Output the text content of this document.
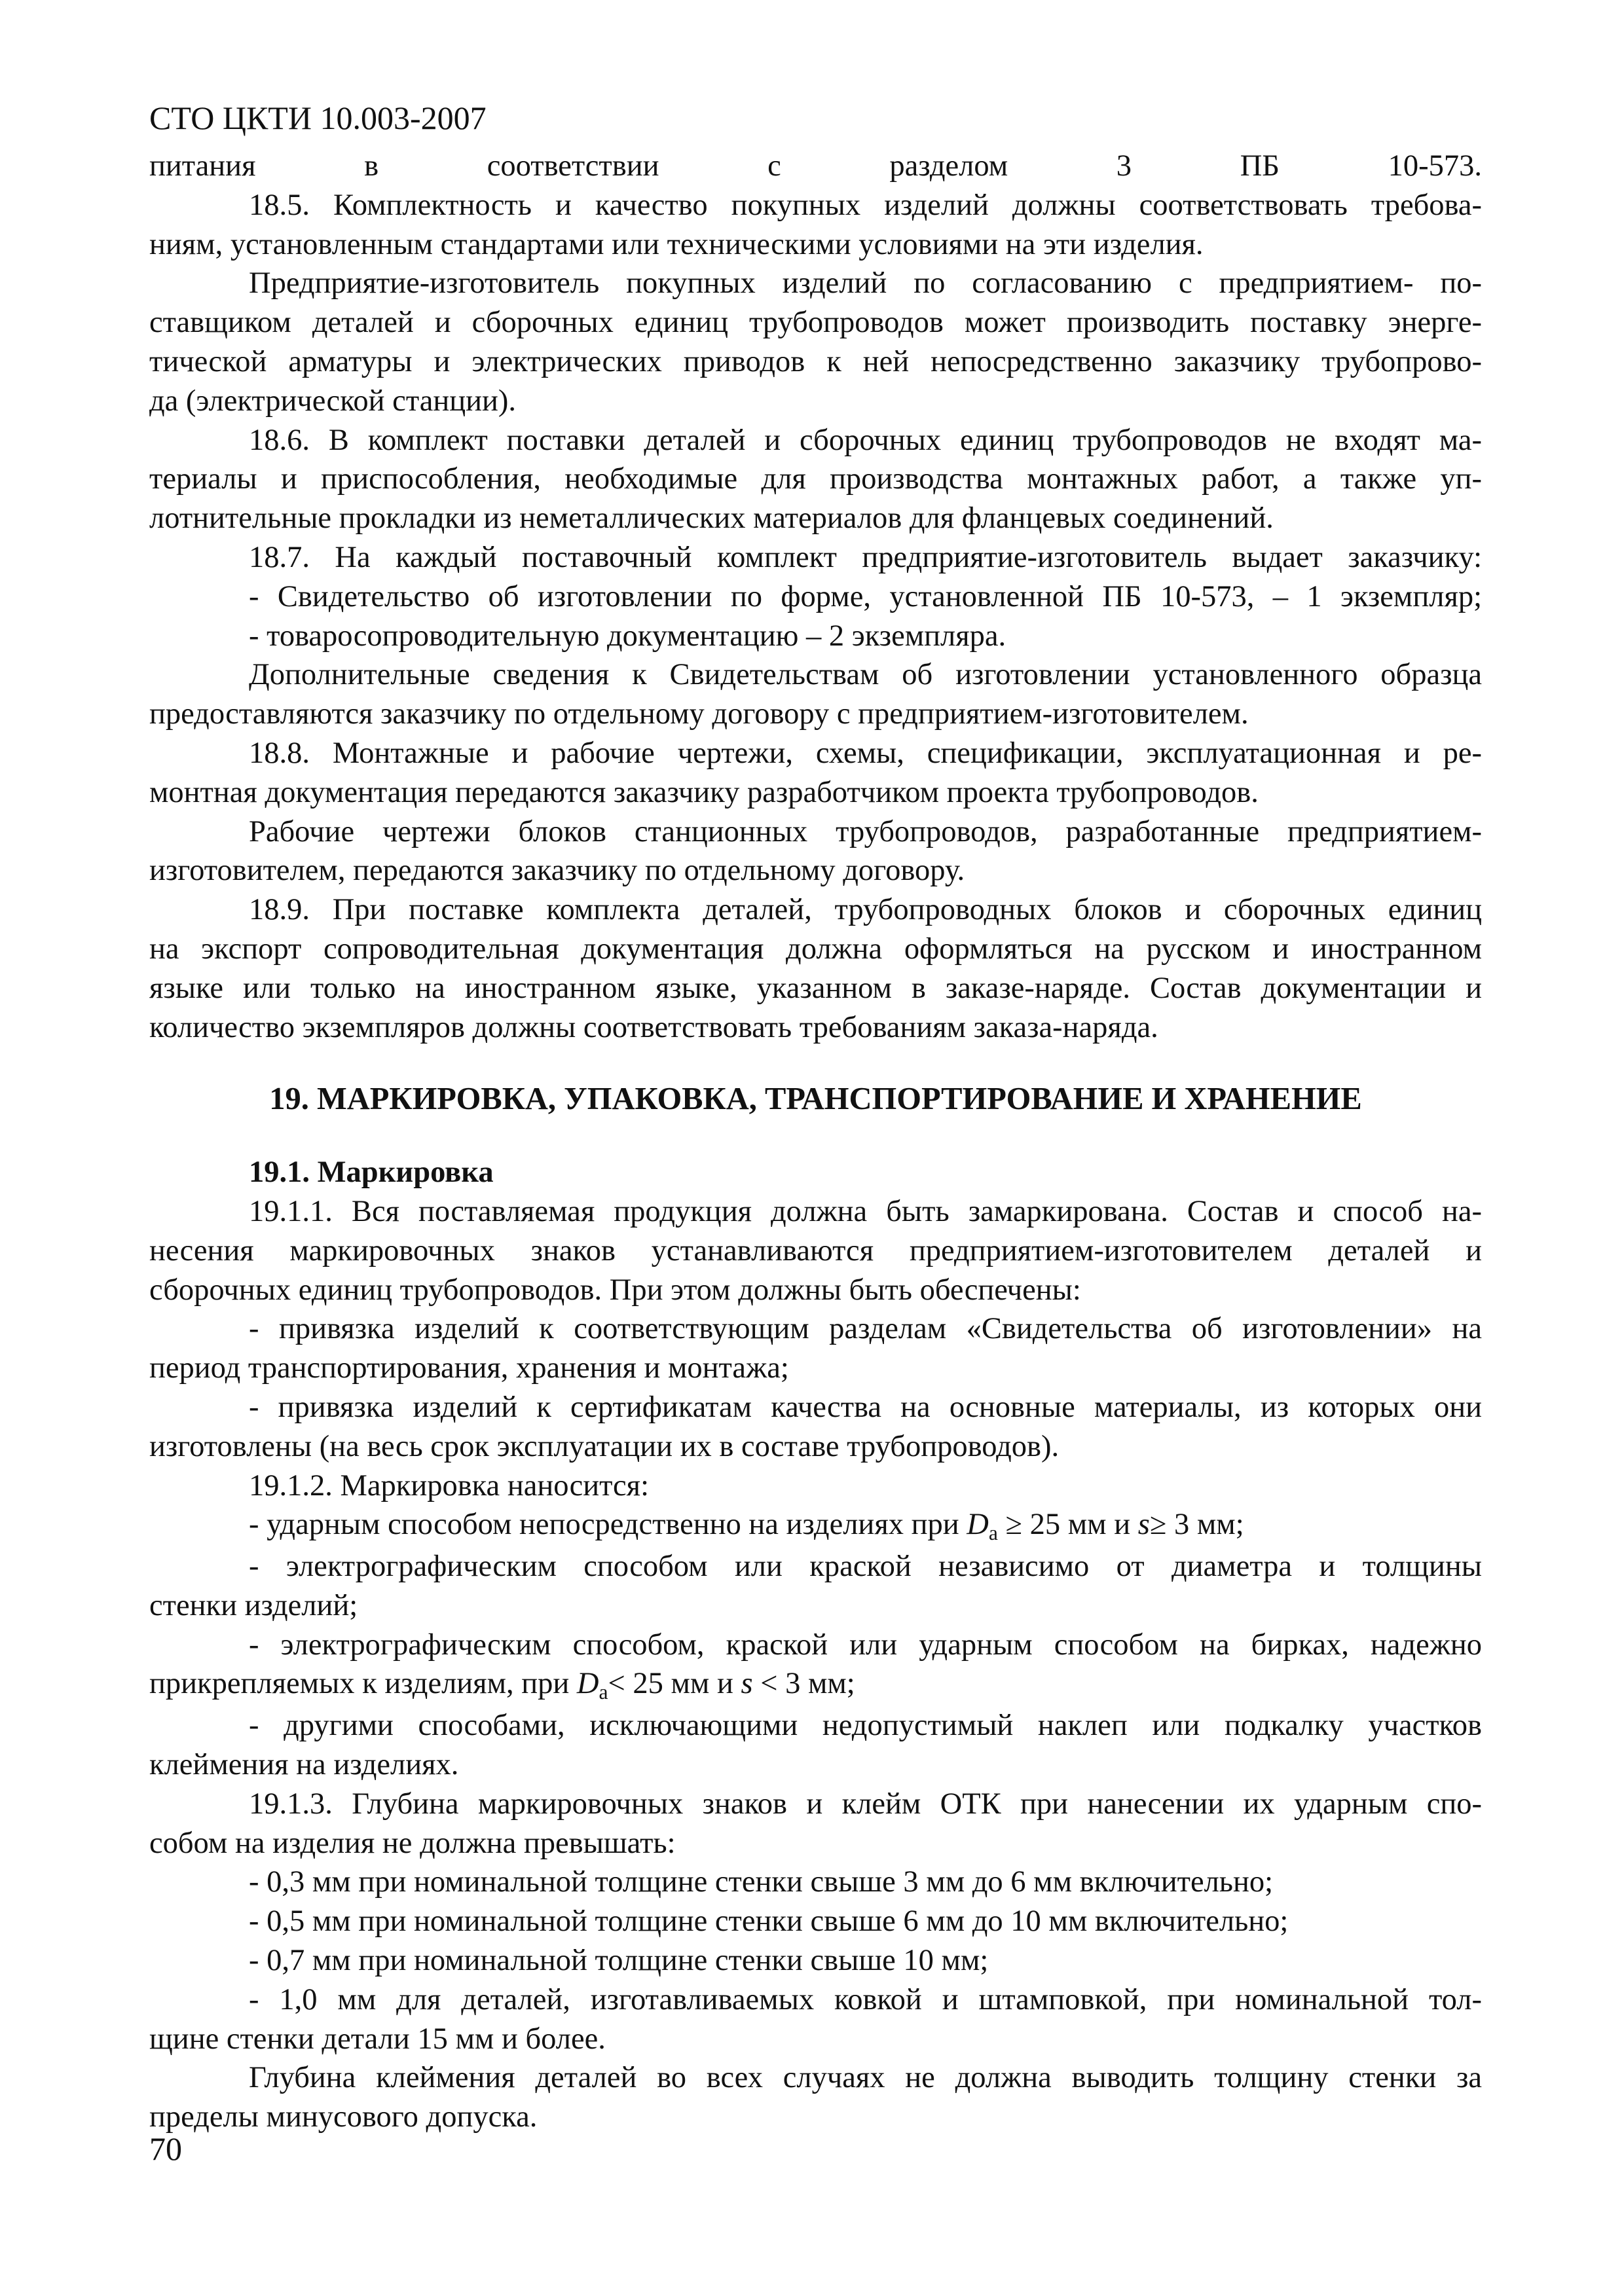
СТО ЦКТИ 10.003-2007
питания в соответствии с разделом 3 ПБ 10-573.
18.5. Комплектность и качество покупных изделий должны соответствовать требова-
ниям, установленным стандартами или техническими условиями на эти изделия.
Предприятие-изготовитель покупных изделий по согласованию с предприятием- по-
ставщиком деталей и сборочных единиц трубопроводов может производить поставку энерге-
тической арматуры и электрических приводов к ней непосредственно заказчику трубопрово-
да (электрической станции).
18.6. В комплект поставки деталей и сборочных единиц трубопроводов не входят ма-
териалы и приспособления, необходимые для производства монтажных работ, а также уп-
лотнительные прокладки из неметаллических материалов для фланцевых соединений.
18.7. На каждый поставочный комплект предприятие-изготовитель выдает заказчику:
- Свидетельство об изготовлении по форме, установленной ПБ 10-573, – 1 экземпляр;
- товаросопроводительную документацию – 2 экземпляра.
Дополнительные сведения к Свидетельствам об изготовлении установленного образца
предоставляются заказчику по отдельному договору с предприятием-изготовителем.
18.8. Монтажные и рабочие чертежи, схемы, спецификации, эксплуатационная и ре-
монтная документация передаются заказчику разработчиком проекта трубопроводов.
Рабочие чертежи блоков станционных трубопроводов, разработанные предприятием-
изготовителем, передаются заказчику по отдельному договору.
18.9. При поставке комплекта деталей, трубопроводных блоков и сборочных единиц
на экспорт сопроводительная документация должна оформляться на русском и иностранном
языке или только на иностранном языке, указанном в заказе-наряде. Состав документации и
количество экземпляров должны соответствовать требованиям заказа-наряда.
19. МАРКИРОВКА, УПАКОВКА, ТРАНСПОРТИРОВАНИЕ И ХРАНЕНИЕ
19.1. Маркировка
19.1.1. Вся поставляемая продукция должна быть замаркирована. Состав и способ на-
несения маркировочных знаков устанавливаются предприятием-изготовителем деталей и
сборочных единиц трубопроводов. При этом должны быть обеспечены:
- привязка изделий к соответствующим разделам «Свидетельства об изготовлении» на
период транспортирования, хранения и монтажа;
- привязка изделий к сертификатам качества на основные материалы, из которых они
изготовлены (на весь срок эксплуатации их в составе трубопроводов).
19.1.2. Маркировка наносится:
- ударным способом непосредственно на изделиях при Da ≥ 25 мм и s≥ 3 мм;
- электрографическим способом или краской независимо от диаметра и толщины
стенки изделий;
- электрографическим способом, краской или ударным способом на бирках, надежно
прикрепляемых к изделиям, при Da< 25 мм и s < 3 мм;
- другими способами, исключающими недопустимый наклеп или подкалку участков
клеймения на изделиях.
19.1.3. Глубина маркировочных знаков и клейм ОТК при нанесении их ударным спо-
собом на изделия не должна превышать:
- 0,3 мм при номинальной толщине стенки свыше 3 мм до 6 мм включительно;
- 0,5 мм при номинальной толщине стенки свыше 6 мм до 10 мм включительно;
- 0,7 мм при номинальной толщине стенки свыше 10 мм;
- 1,0 мм для деталей, изготавливаемых ковкой и штамповкой, при номинальной тол-
щине стенки детали 15 мм и более.
Глубина клеймения деталей во всех случаях не должна выводить толщину стенки за
пределы минусового допуска.
70
